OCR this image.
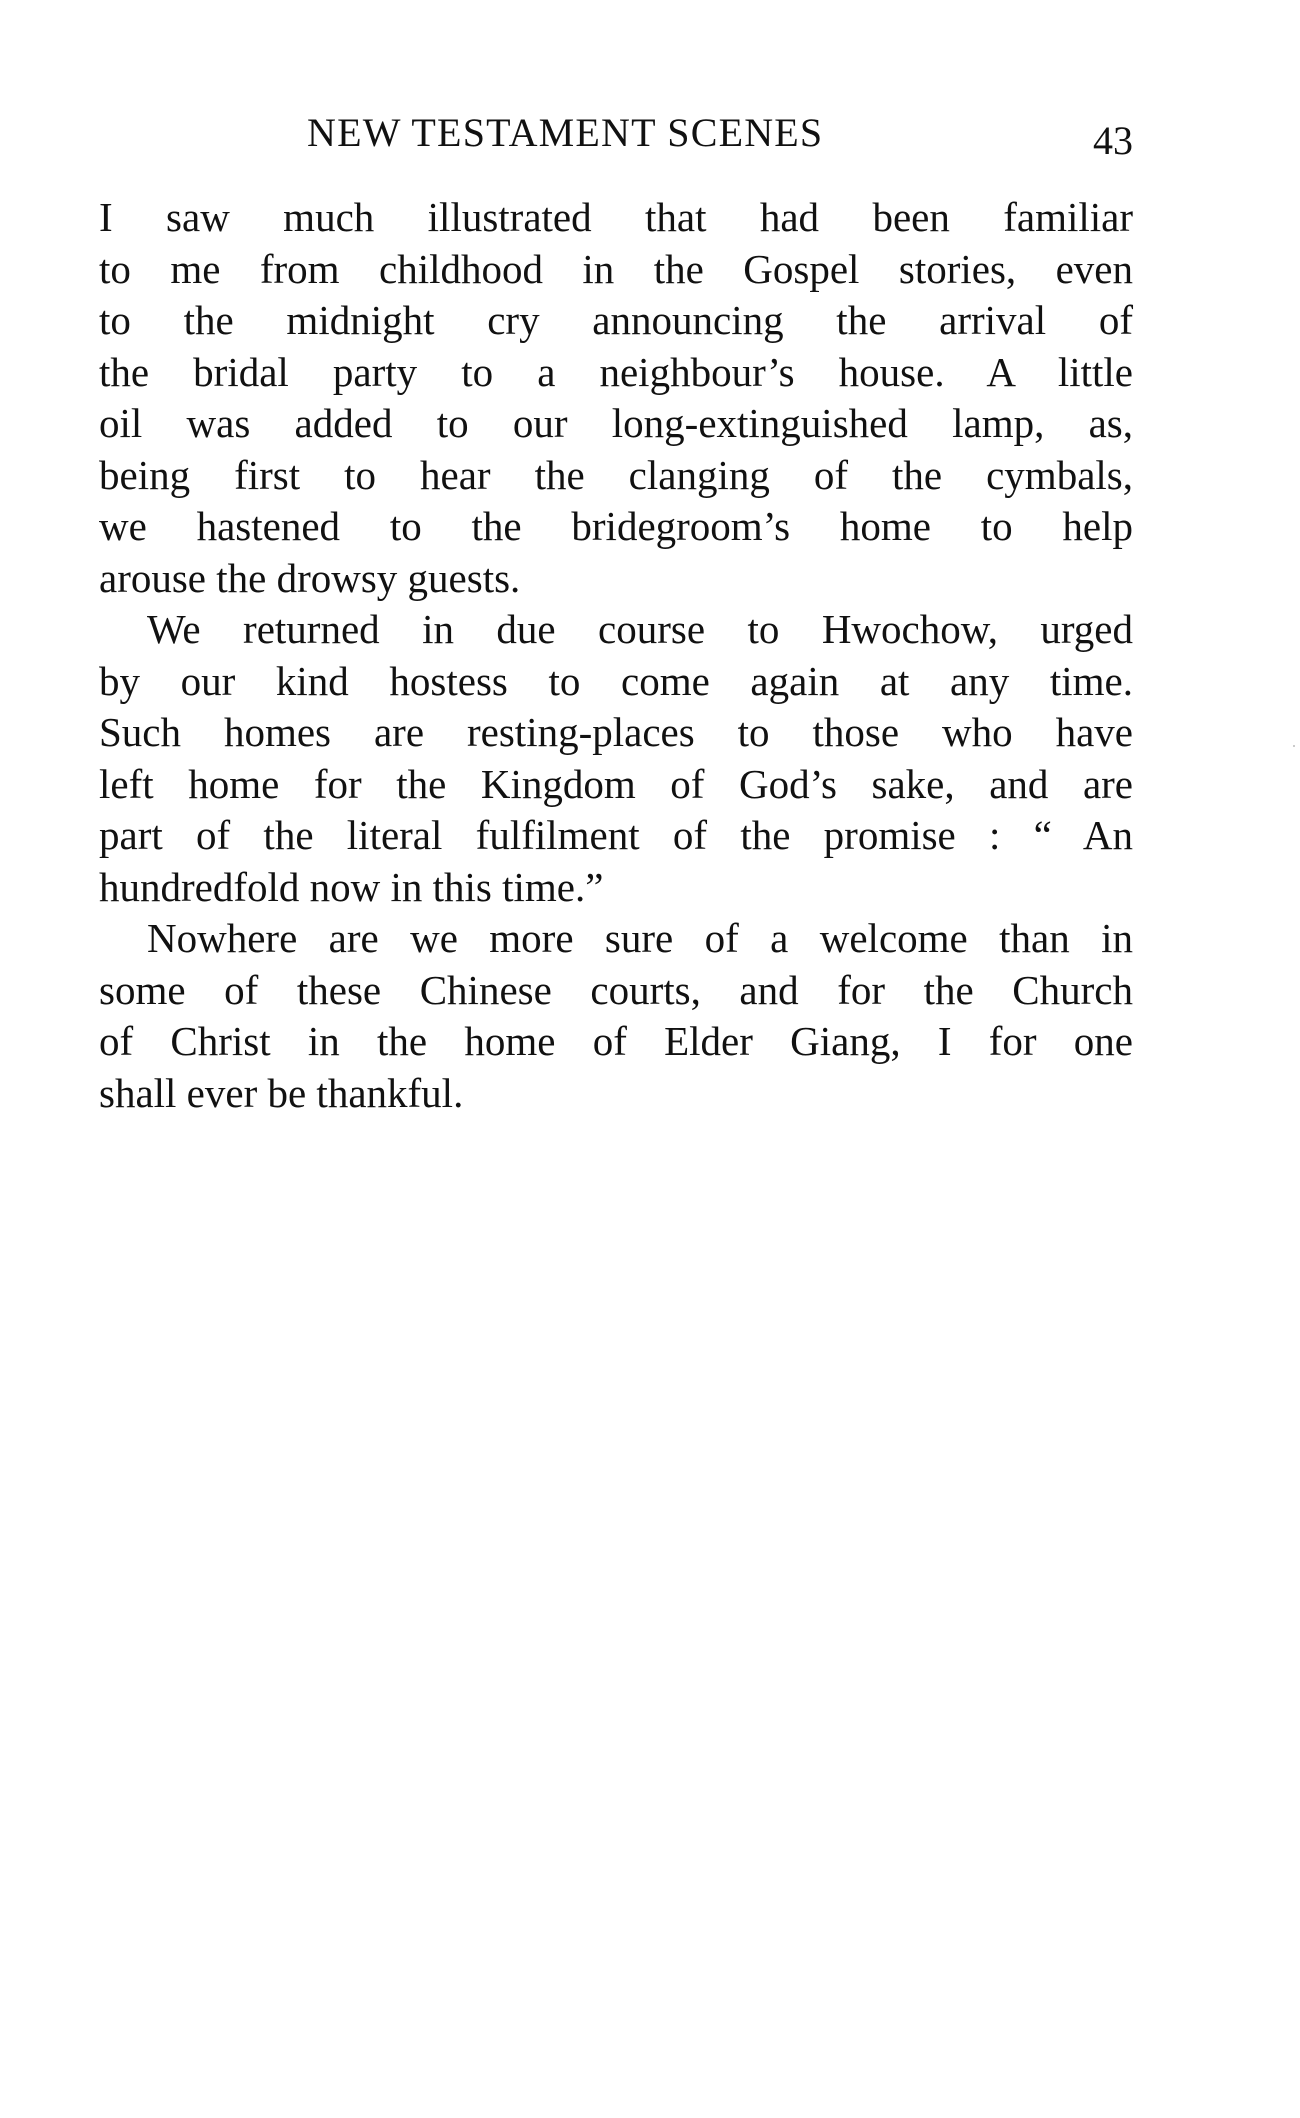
NEW TESTAMENT SCENES	43
I saw much illustrated that had been familiar
to me from childhood in the Gospel stories, even
to the midnight cry announcing the arrival of
the bridal party to a neighbour’s house. A little
oil was added to our long-extinguished lamp, as,
being first to hear the clanging of the cymbals,
we hastened to the bridegroom’s home to help
arouse the drowsy guests.
We returned in due course to Hwochow, urged
by our kind hostess to come again at any time.
Such homes are resting-places to those who have
left home for the Kingdom of God’s sake, and are
part of the literal fulfilment of the promise : “ An
hundredfold now in this time.”
Nowhere are we more sure of a welcome than in
some of these Chinese courts, and for the Church
of Christ in the home of Elder Giang, I for one
shall ever be thankful.
